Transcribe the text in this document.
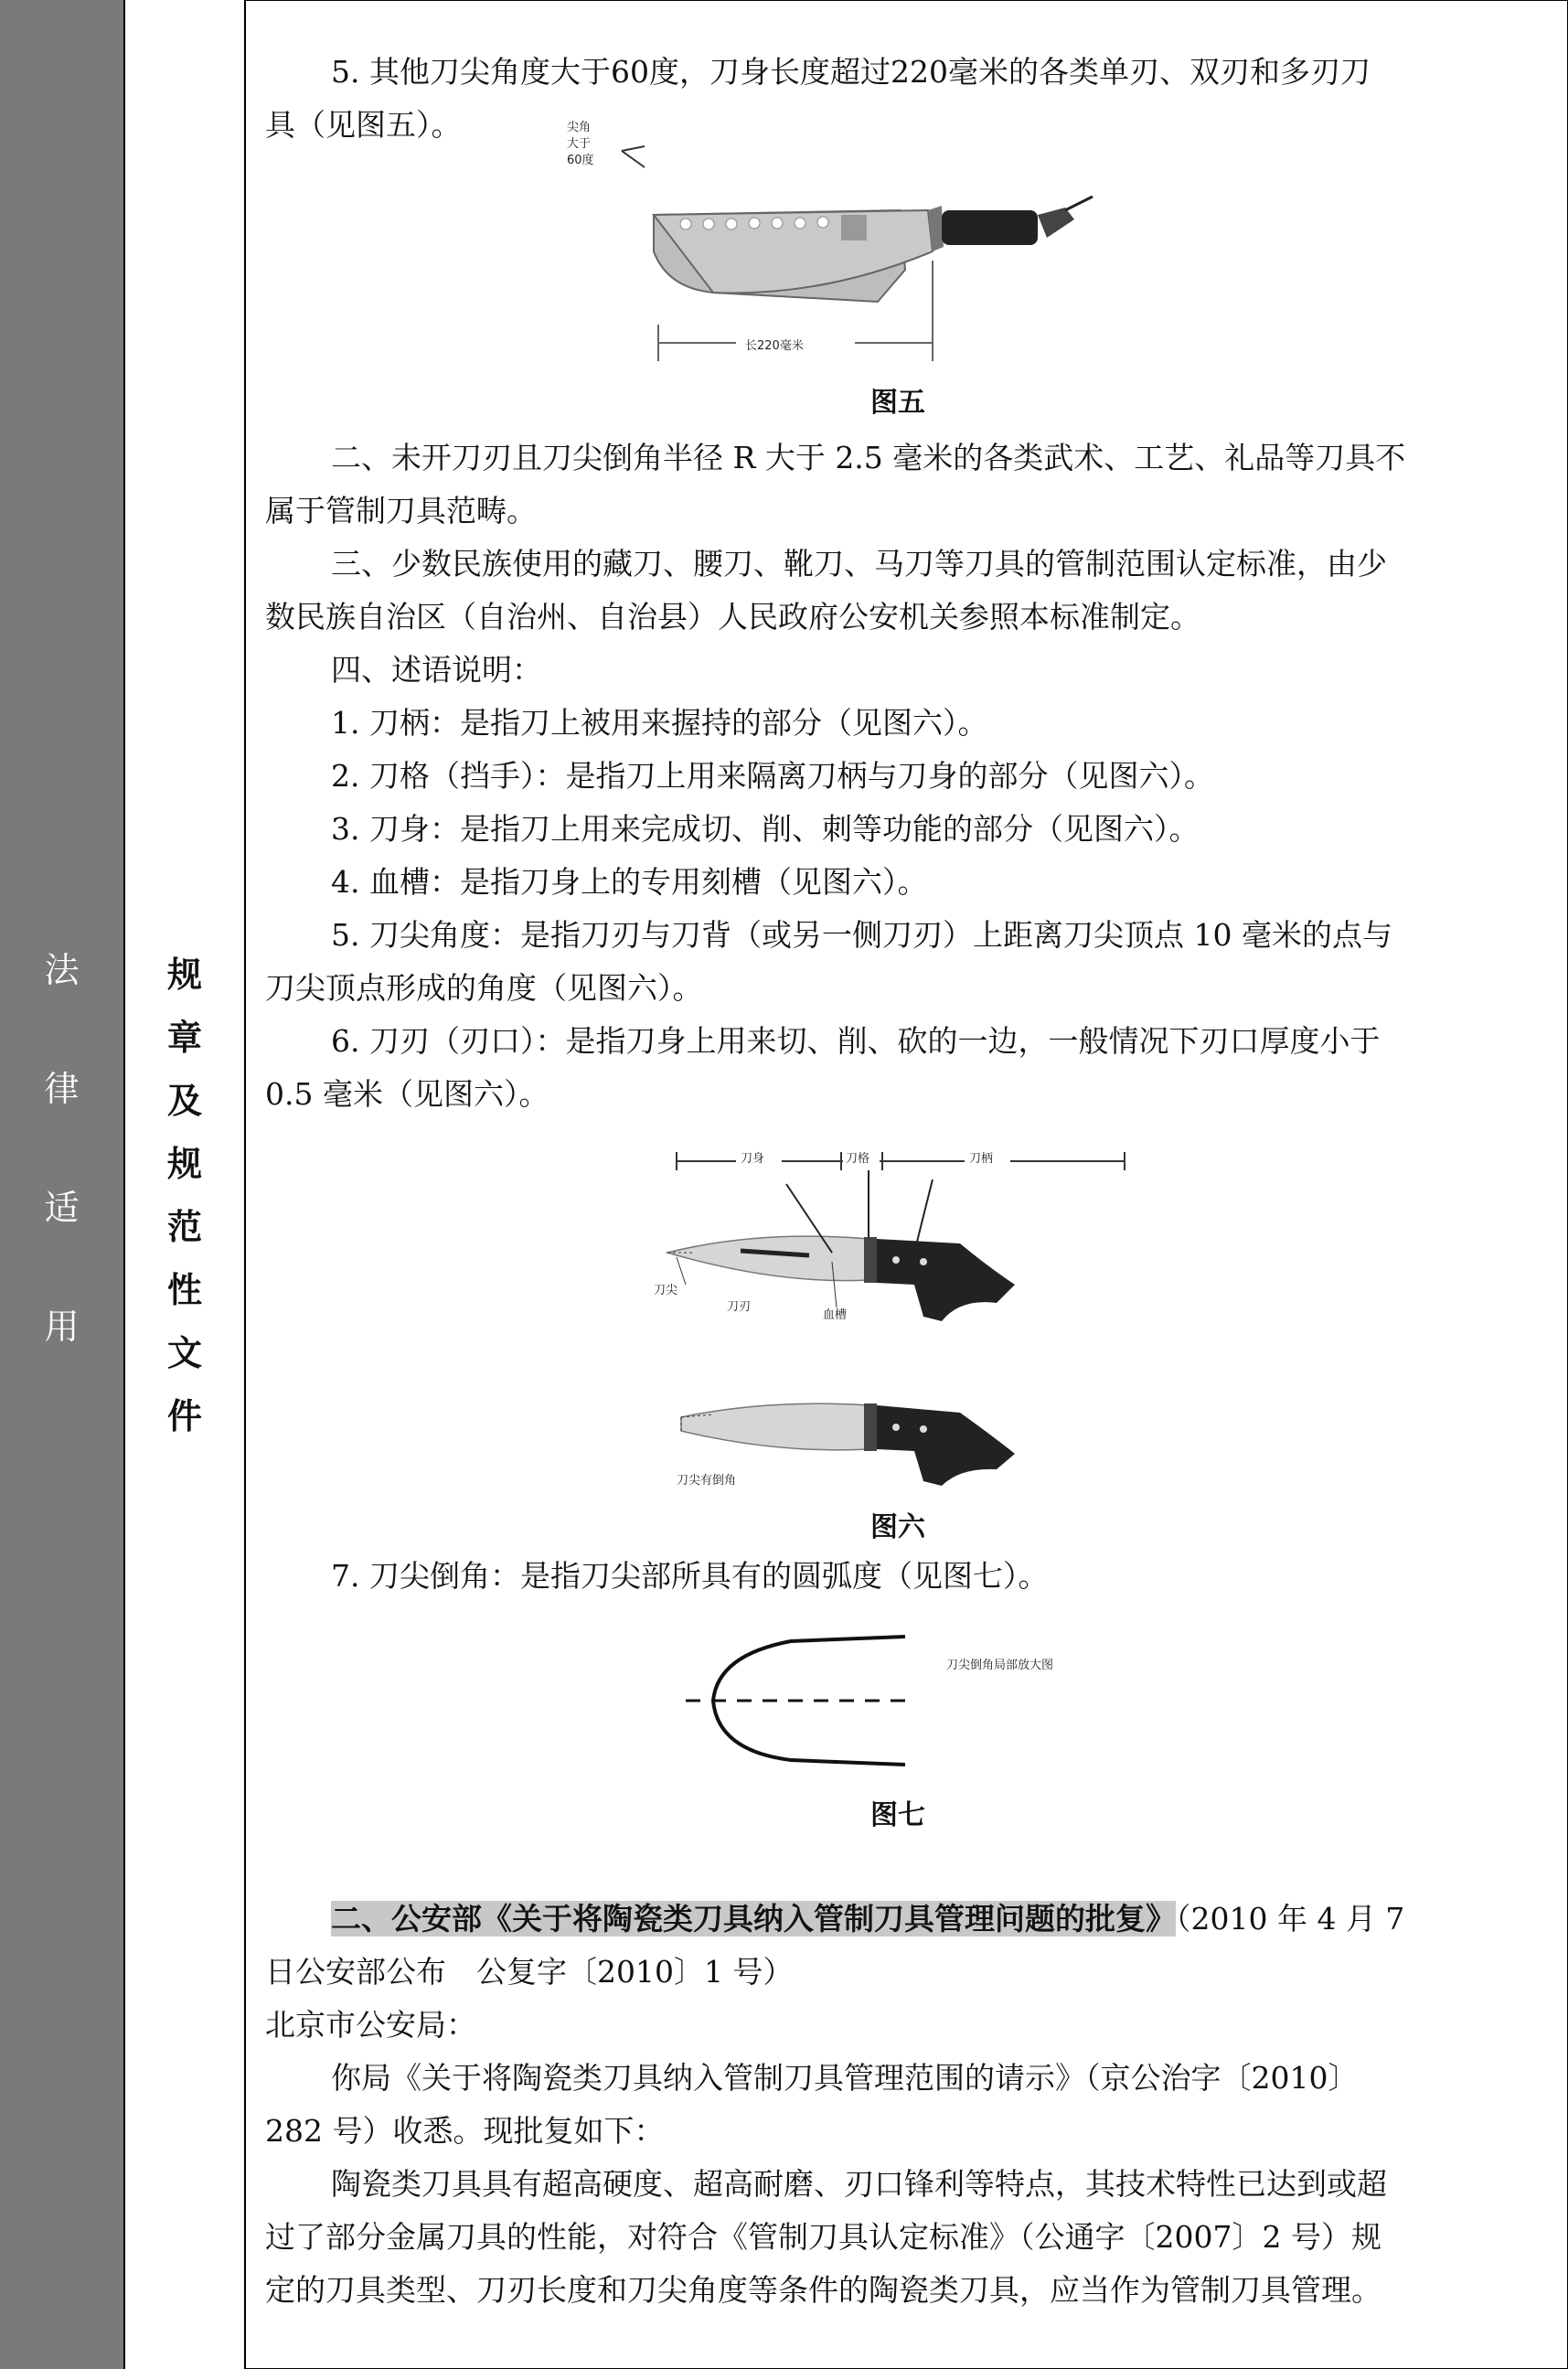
法
律
适
用
规
章
及
规
范
性
文
件
5. 其他刀尖角度大于60度，刀身长度超过220毫米的各类单刃、双刃和多刃刀
具（见图五）。	尖角
大于
60度
长220毫米
图五
二、未开刀刃且刀尖倒角半径 R 大于 2.5 毫米的各类武术、工艺、礼品等刀具不
属于管制刀具范畴。
三、少数民族使用的藏刀、腰刀、靴刀、马刀等刀具的管制范围认定标准，由少
数民族自治区（自治州、自治县）人民政府公安机关参照本标准制定。
四、述语说明：
1. 刀柄：是指刀上被用来握持的部分（见图六）。
2. 刀格（挡手）：是指刀上用来隔离刀柄与刀身的部分（见图六）。
3. 刀身：是指刀上用来完成切、削、刺等功能的部分（见图六）。
4. 血槽：是指刀身上的专用刻槽（见图六）。
5. 刀尖角度：是指刀刃与刀背（或另一侧刀刃）上距离刀尖顶点 10 毫米的点与
刀尖顶点形成的角度（见图六）。
6. 刀刃（刃口）：是指刀身上用来切、削、砍的一边，一般情况下刃口厚度小于
0.5 毫米（见图六）。
刀身	刀格	刀柄
刀尖
刀刃
血槽
刀尖有倒角
图六
7. 刀尖倒角：是指刀尖部所具有的圆弧度（见图七）。
刀尖倒角局部放大图
图七
二、公安部《关于将陶瓷类刀具纳入管制刀具管理问题的批复》（2010 年 4 月 7
日公安部公布　公复字〔2010〕1 号）
北京市公安局：
你局《关于将陶瓷类刀具纳入管制刀具管理范围的请示》（京公治字〔2010〕
282 号）收悉。现批复如下：
陶瓷类刀具具有超高硬度、超高耐磨、刃口锋利等特点，其技术特性已达到或超
过了部分金属刀具的性能，对符合《管制刀具认定标准》（公通字〔2007〕2 号）规
定的刀具类型、刀刃长度和刀尖角度等条件的陶瓷类刀具，应当作为管制刀具管理。
